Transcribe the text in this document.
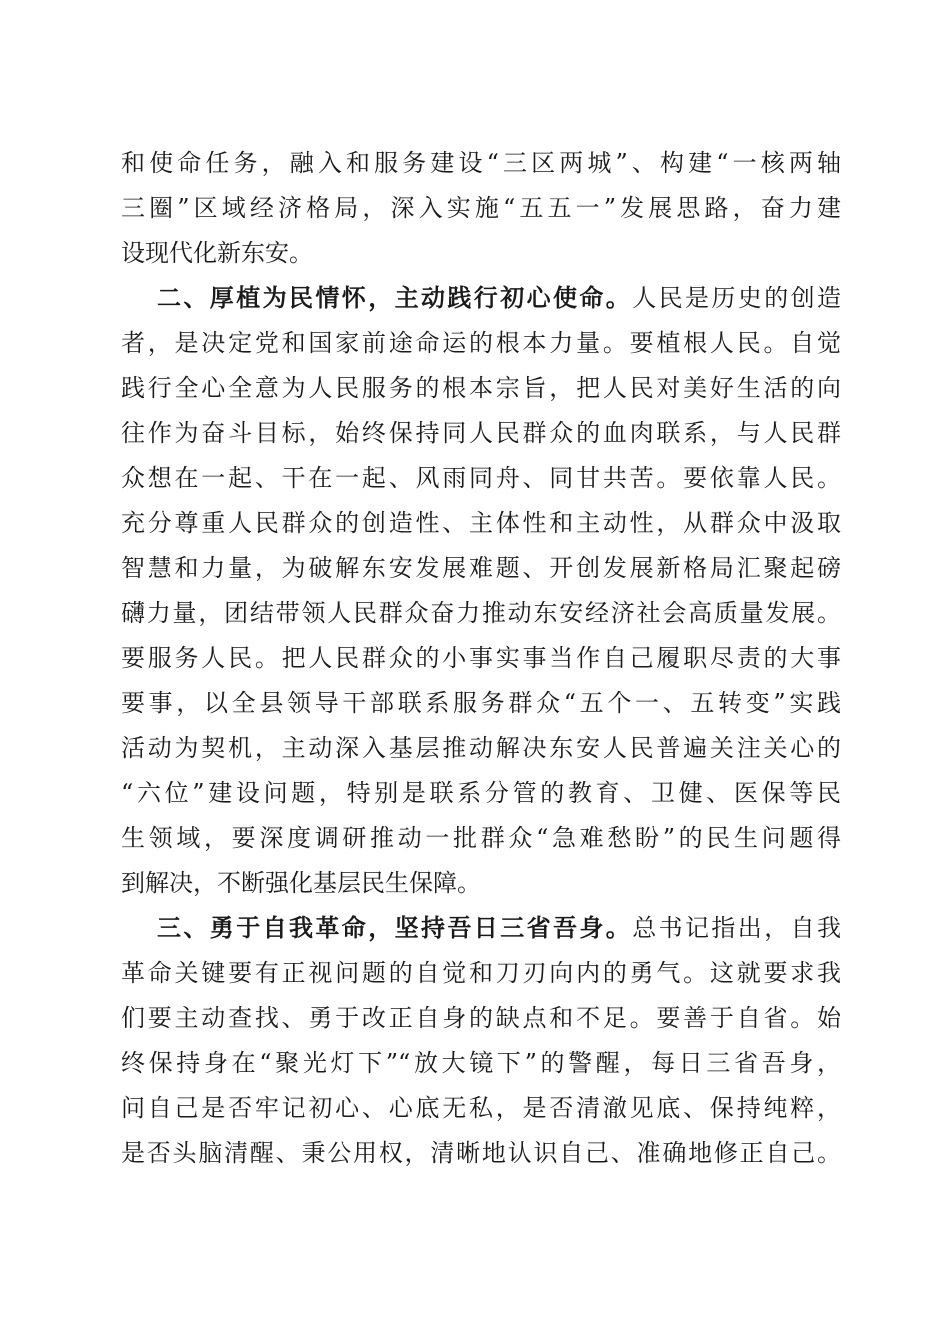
和使命任务，融入和服务建设“三区两城”、构建“一核两轴
三圈”区域经济格局，深入实施“五五一”发展思路，奋力建
设现代化新东安。
二、厚植为民情怀，主动践行初心使命。人民是历史的创造
者，是决定党和国家前途命运的根本力量。要植根人民。自觉
践行全心全意为人民服务的根本宗旨，把人民对美好生活的向
往作为奋斗目标，始终保持同人民群众的血肉联系，与人民群
众想在一起、干在一起、风雨同舟、同甘共苦。要依靠人民。
充分尊重人民群众的创造性、主体性和主动性，从群众中汲取
智慧和力量，为破解东安发展难题、开创发展新格局汇聚起磅
礴力量，团结带领人民群众奋力推动东安经济社会高质量发展。
要服务人民。把人民群众的小事实事当作自己履职尽责的大事
要事，以全县领导干部联系服务群众“五个一、五转变”实践
活动为契机，主动深入基层推动解决东安人民普遍关注关心的
“六位”建设问题，特别是联系分管的教育、卫健、医保等民
生领域，要深度调研推动一批群众“急难愁盼”的民生问题得
到解决，不断强化基层民生保障。
三、勇于自我革命，坚持吾日三省吾身。总书记指出，自我
革命关键要有正视问题的自觉和刀刃向内的勇气。这就要求我
们要主动查找、勇于改正自身的缺点和不足。要善于自省。始
终保持身在“聚光灯下”“放大镜下”的警醒，每日三省吾身，
问自己是否牢记初心、心底无私，是否清澈见底、保持纯粹，
是否头脑清醒、秉公用权，清晰地认识自己、准确地修正自己。
